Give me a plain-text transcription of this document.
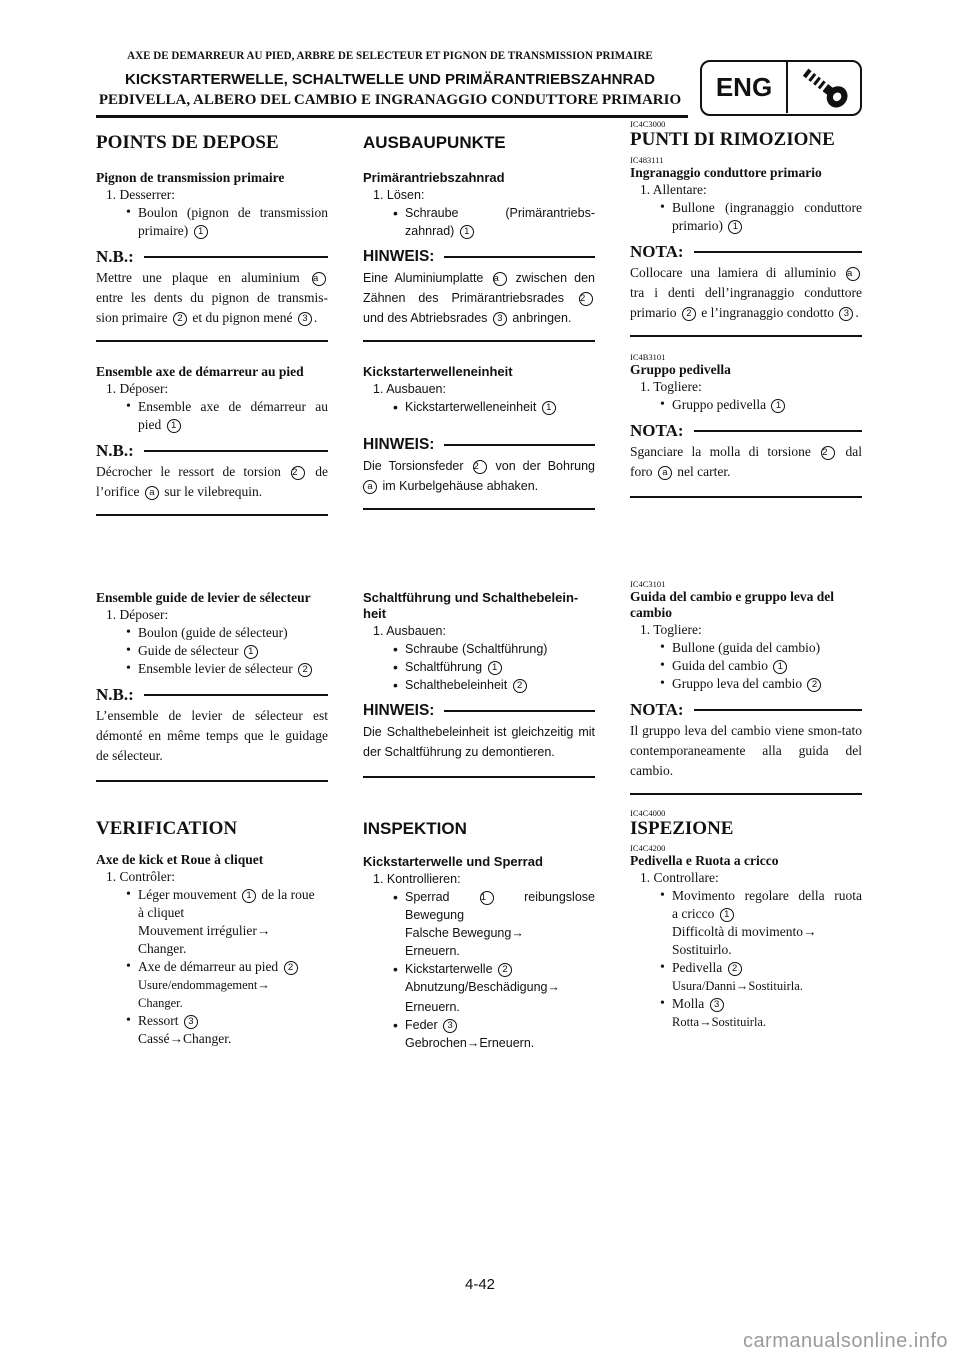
AXE DE DEMARREUR AU PIED, ARBRE DE SELECTEUR ET PIGNON DE TRANSMISSION PRIMAIRE
KICKSTARTERWELLE, SCHALTWELLE UND PRIMÄRANTRIEBSZAHNRAD
PEDIVELLA, ALBERO DEL CAMBIO E INGRANAGGIO CONDUTTORE PRIMARIO	ENG

POINTS DE DEPOSE

Pignon de transmission primaire

1. Desserrer:

• Boulon (pignon de transmission

primaire) 1

N.B.:

Mettre une plaque en aluminium a

entre les dents du pignon de transmis-

sion primaire 2 et du pignon mené 3 .

Ensemble axe de démarreur au pied

1. Déposer:

• Ensemble axe de démarreur au

pied 1

N.B.:

Décrocher le ressort de torsion 2 de

l’orifice a sur le vilebrequin.

Ensemble guide de levier de sélecteur

1. Déposer:

• Boulon (guide de sélecteur)

• Guide de sélecteur 1

• Ensemble levier de sélecteur 2

N.B.:

L’ensemble de levier de sélecteur est démonté en même temps que le guidage de sélecteur.

VERIFICATION

Axe de kick et Roue à cliquet

1. Contrôler:

• Léger mouvement 1 de la roue

à cliquet

Mouvement irrégulier→

Changer.

• Axe de démarreur au pied 2

Usure/endommagement→

Changer.

• Ressort 3

Cassé→Changer.

AUSBAUPUNKTE

Primärantriebszahnrad

1. Lösen:

• Schraube (Primärantriebs-

zahnrad) 1

HINWEIS:

Eine Aluminiumplatte a zwischen den

Zähnen des Primärantriebsrades 2

und des Abtriebsrades 3 anbringen.

Kickstarterwelleneinheit

1. Ausbauen:

• Kickstarterwelleneinheit 1

HINWEIS:

Die Torsionsfeder 2 von der Bohrung

a im Kurbelgehäuse abhaken.

Schaltführung und Schalthebelein-

heit

1. Ausbauen:

• Schraube (Schaltführung)

• Schaltführung 1

• Schalthebeleinheit 2

HINWEIS:

Die Schalthebeleinheit ist gleichzeitig mit der Schaltführung zu demontieren.

INSPEKTION

Kickstarterwelle und Sperrad

1. Kontrollieren:

• Sperrad	1	reibungslose

Bewegung

Falsche Bewegung→

Erneuern.

• Kickstarterwelle 2

Abnutzung/Beschädigung→

Erneuern.

• Feder 3

Gebrochen→Erneuern.

IC4C3000

PUNTI DI RIMOZIONE

IC483111

Ingranaggio conduttore primario

1. Allentare:

• Bullone (ingranaggio conduttore

primario) 1

NOTA:

Collocare una lamiera di alluminio a

tra i denti dell’ingranaggio conduttore

primario 2 e l’ingranaggio condotto 3 .

IC4B3101

Gruppo pedivella

1. Togliere:

• Gruppo pedivella 1

NOTA:

Sganciare la molla di torsione 2 dal

foro a nel carter.

IC4C3101

Guida del cambio e gruppo leva del

cambio

1. Togliere:

• Bullone (guida del cambio)

• Guida del cambio 1

• Gruppo leva del cambio 2

NOTA:

Il gruppo leva del cambio viene smon-tato contemporaneamente alla guida del cambio.

IC4C4000

ISPEZIONE

IC4C4200

Pedivella e Ruota a cricco

1. Controllare:

• Movimento regolare della ruota

a cricco 1

Difficoltà di movimento→

Sostituirlo.

• Pedivella 2

Usura/Danni→Sostituirla.

• Molla 3

Rotta→Sostituirla.

4-42
carmanualsonline.info
